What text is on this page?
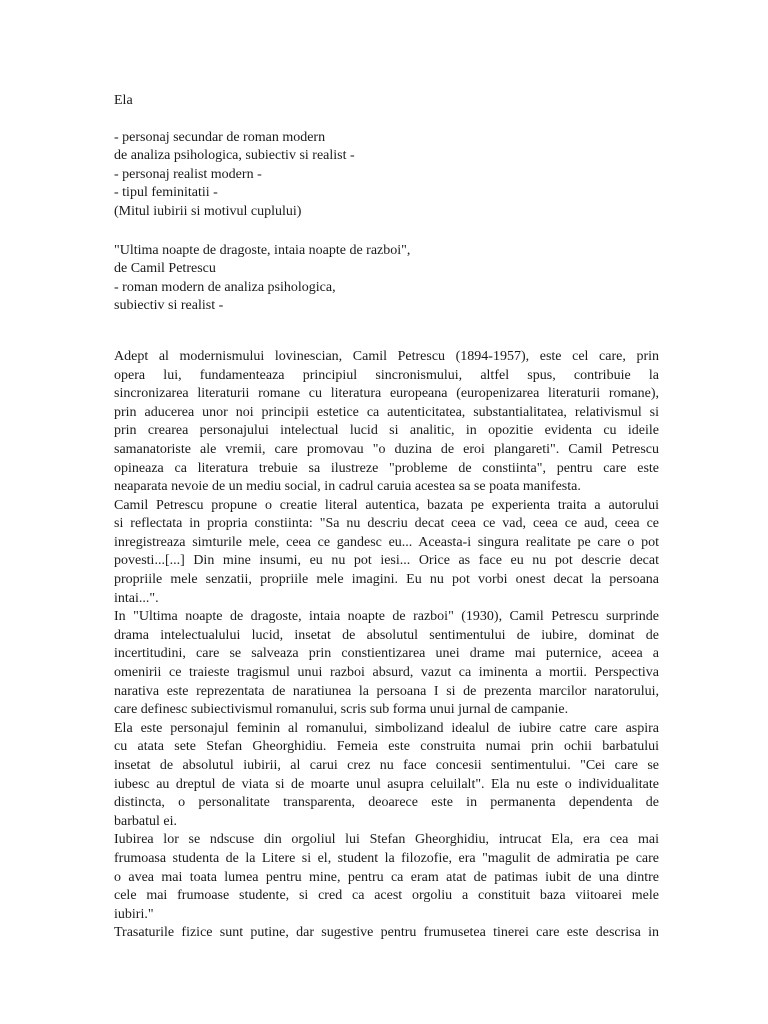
Ela
- personaj secundar de roman modern
de analiza psihologica, subiectiv si realist -
- personaj realist modern -
- tipul feminitatii -
(Mitul iubirii si motivul cuplului)
"Ultima noapte de dragoste, intaia noapte de razboi",
de Camil Petrescu
- roman modern de analiza psihologica,
subiectiv si realist -
Adept al modernismului lovinescian, Camil Petrescu (1894-1957), este cel care, prin
opera lui, fundamenteaza principiul sincronismului, altfel spus, contribuie la
sincronizarea literaturii romane cu literatura europeana (europenizarea literaturii romane),
prin aducerea unor noi principii estetice ca autenticitatea, substantialitatea, relativismul si
prin crearea personajului intelectual lucid si analitic, in opozitie evidenta cu ideile
samanatoriste ale vremii, care promovau "o duzina de eroi plangareti". Camil Petrescu
opineaza ca literatura trebuie sa ilustreze "probleme de constiinta", pentru care este
neaparata nevoie de un mediu social, in cadrul caruia acestea sa se poata manifesta.
Camil Petrescu propune o creatie literal autentica, bazata pe experienta traita a autorului
si reflectata in propria constiinta: "Sa nu descriu decat ceea ce vad, ceea ce aud, ceea ce
inregistreaza simturile mele, ceea ce gandesc eu... Aceasta-i singura realitate pe care o pot
povesti...[...] Din mine insumi, eu nu pot iesi... Orice as face eu nu pot descrie decat
propriile mele senzatii, propriile mele imagini. Eu nu pot vorbi onest decat la persoana
intai...".
In "Ultima noapte de dragoste, intaia noapte de razboi" (1930), Camil Petrescu surprinde
drama intelectualului lucid, insetat de absolutul sentimentului de iubire, dominat de
incertitudini, care se salveaza prin constientizarea unei drame mai puternice, aceea a
omenirii ce traieste tragismul unui razboi absurd, vazut ca iminenta a mortii. Perspectiva
narativa este reprezentata de naratiunea la persoana I si de prezenta marcilor naratorului,
care definesc subiectivismul romanului, scris sub forma unui jurnal de campanie.
Ela este personajul feminin al romanului, simbolizand idealul de iubire catre care aspira
cu atata sete Stefan Gheorghidiu. Femeia este construita numai prin ochii barbatului
insetat de absolutul iubirii, al carui crez nu face concesii sentimentului. "Cei care se
iubesc au dreptul de viata si de moarte unul asupra celuilalt". Ela nu este o individualitate
distincta, o personalitate transparenta, deoarece este in permanenta dependenta de
barbatul ei.
Iubirea lor se ndscuse din orgoliul lui Stefan Gheorghidiu, intrucat Ela, era cea mai
frumoasa studenta de la Litere si el, student la filozofie, era "magulit de admiratia pe care
o avea mai toata lumea pentru mine, pentru ca eram atat de patimas iubit de una dintre
cele mai frumoase studente, si cred ca acest orgoliu a constituit baza viitoarei mele
iubiri."
Trasaturile fizice sunt putine, dar sugestive pentru frumusetea tinerei care este descrisa in
